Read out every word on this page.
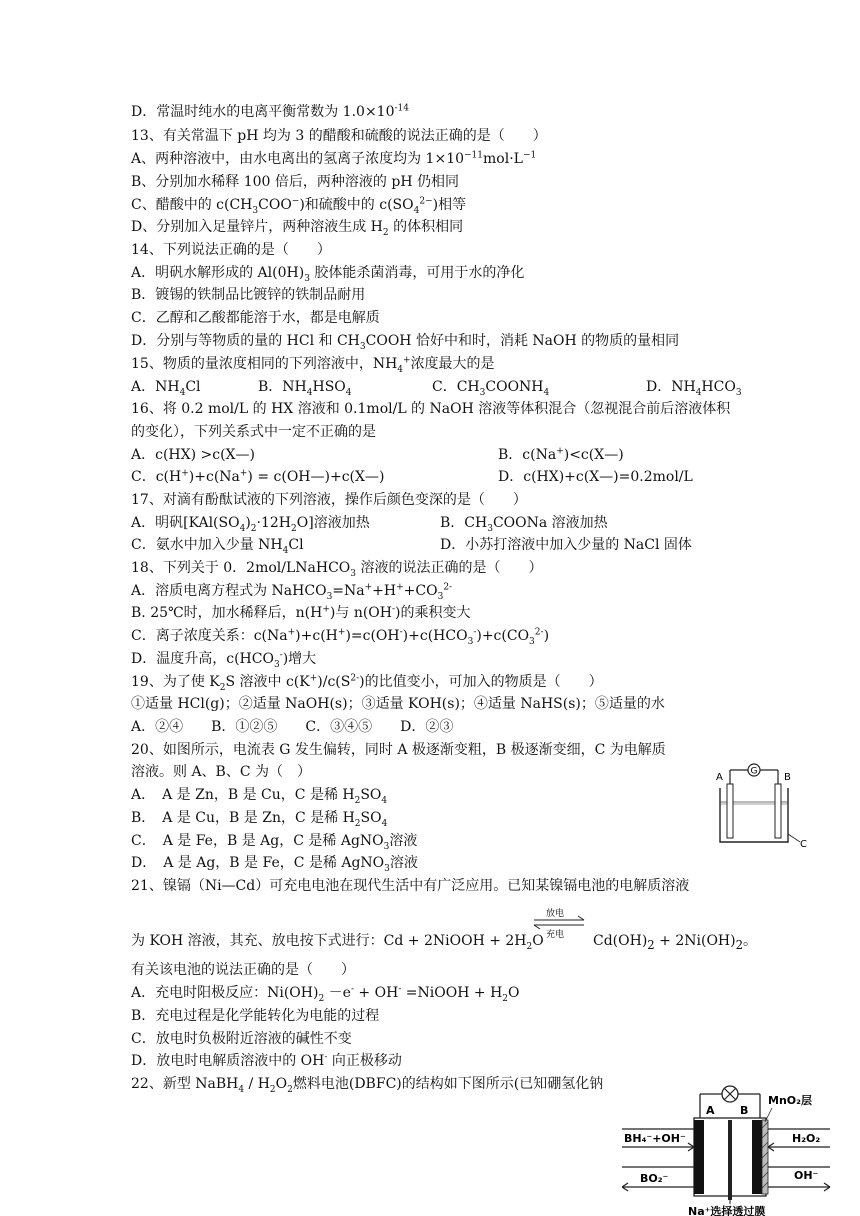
D．常温时纯水的电离平衡常数为 $1.0\times 10^{-14}$
13、有关常温下 pH 均为 3 的醋酸和硫酸的说法正确的是（　　）
A、两种溶液中，由水电离出的氢离子浓度均为 $1\times 10^{-11}mol\cdot L^{-1}$
B、分别加水稀释 100 倍后，两种溶液的 pH 仍相同
C、醋酸中的 $c(CH_3COO^-)$和硫酸中的 $c(SO_4^{2-})$相等
D、分别加入足量锌片，两种溶液生成 $H_2$ 的体积相同
14、下列说法正确的是（　　）
A．明矾水解形成的 $Al(0H)_3$ 胶体能杀菌消毒，可用于水的净化
B．镀锡的铁制品比镀锌的铁制品耐用
C．乙醇和乙酸都能溶于水，都是电解质
D．分别与等物质的量的 HCl 和 $CH_3COOH$ 恰好中和时，消耗 NaOH 的物质的量相同
15、物质的量浓度相同的下列溶液中，$NH_4^+$浓度最大的是
A．$NH_4Cl$	B．$NH_4HSO_4$	C．$CH_3COONH_4$	D．$NH_4HCO_3$
16、将 0.2 mol/L 的 HX 溶液和 0.1mol/L 的 NaOH 溶液等体积混合（忽视混合前后溶液体积
的变化），下列关系式中一定不正确的是
A．c(HX) >c(X—)	B．c(Na+)<c(X—)
C．c(H+)+c(Na+) = c(OH—)+c(X—)	D．c(HX)+c(X—)=0.2mol/L
17、对滴有酚酞试液的下列溶液，操作后颜色变深的是（　　）
A．明矾$[KAl(SO_4)_2\cdot 12H_2O]$溶液加热	B．$CH_3COONa$ 溶液加热
C．氨水中加入少量 $NH_4Cl$	D．小苏打溶液中加入少量的 NaCl 固体
18、下列关于 0．2mol/LNaHCO$_3$ 溶液的说法正确的是（　　）
A．溶质电离方程式为 $NaHCO_3=Na^++H^++CO_3^{2-}$
B. 25℃时，加水稀释后，n(H+)与 n(OH-)的乘积变大
C．离子浓度关系：$c(Na^+)+c(H^+)=c(OH^-)+c(HCO_3^-)+c(CO_3^{2-})$
D．温度升高，$c(HCO_3^-)$增大
19、为了使 $K_2S$ 溶液中 $c(K^+)/c(S^{2-})$的比值变小，可加入的物质是（　　）
①适量 HCl(g)；②适量 NaOH(s)；③适量 KOH(s)；④适量 NaHS(s)；⑤适量的水
A．②④　　B．①②⑤　　C．③④⑤　　D．②③
20、如图所示，电流表 G 发生偏转，同时 A 极逐渐变粗，B 极逐渐变细，C 为电解质
溶液。则 A、B、C 为（　）
A．　A 是 Zn，B 是 Cu，C 是稀 $H_2SO_4$
B．　A 是 Cu，B 是 Zn，C 是稀 $H_2SO_4$
C．　A 是 Fe，B 是 Ag，C 是稀 AgNO$_3$溶液
D．　A 是 Ag，B 是 Fe，C 是稀 AgNO$_3$溶液
A	B
C
G
21、镍镉（Ni—Cd）可充电电池在现代生活中有广泛应用。已知某镍镉电池的电解质溶液
为 KOH 溶液，其充、放电按下式进行：Cd + 2NiOOH + $2H_2O$	$Cd(OH)_2 + 2Ni(OH)_2$。
放电
充电
有关该电池的说法正确的是（　　）
A．充电时阳极反应：$Ni(OH)_2 -e^- + OH^-$ =NiOOH + $H_2O$
B．充电过程是化学能转化为电能的过程
C．放电时负极附近溶液的碱性不变
D．放电时电解质溶液中的 OH- 向正极移动
22、新型 NaBH$_4$ / $H_2O_2$燃料电池(DBFC)的结构如下图所示(已知硼氢化钠
A B
MnO₂层
BH₄⁻+OH⁻
BO₂⁻
H₂O₂
OH⁻
Na⁺选择透过膜
